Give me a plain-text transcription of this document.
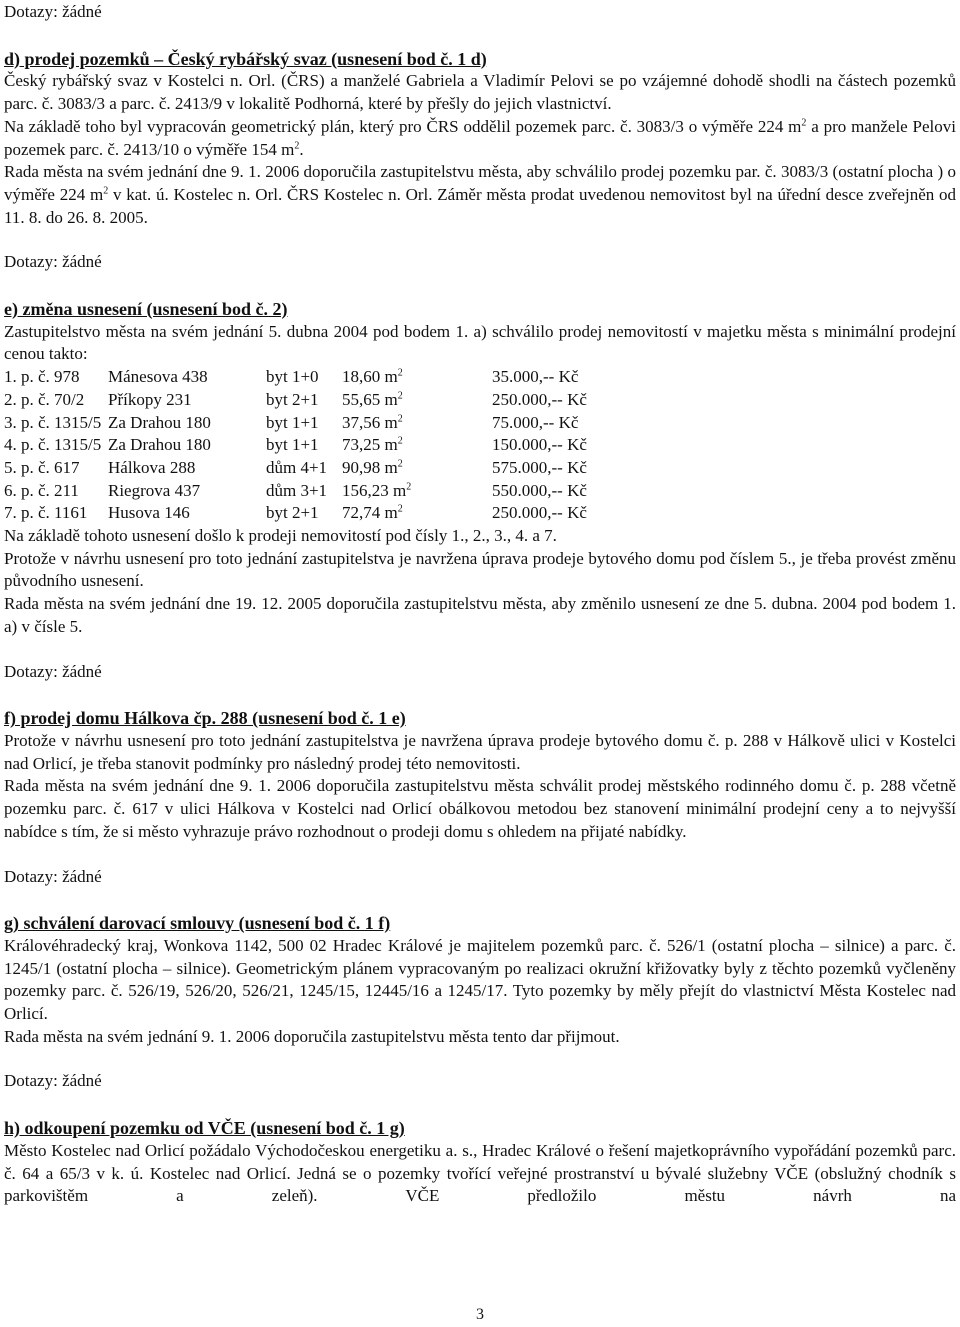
Dotazy: žádné

d) prodej pozemků – Český rybářský svaz (usnesení bod č. 1 d)

Český rybářský svaz v Kostelci n. Orl. (ČRS) a manželé Gabriela a Vladimír Pelovi se po vzájemné dohodě shodli na částech pozemků parc. č. 3083/3 a parc. č. 2413/9 v lokalitě Podhorná, které by přešly do jejich vlastnictví.

Na základě toho byl vypracován geometrický plán, který pro ČRS oddělil pozemek parc. č. 3083/3 o výměře 224 $m^2$ a pro manžele Pelovi pozemek parc. č. 2413/10 o výměře 154 $m^2$.

Rada města na svém jednání dne 9. 1. 2006 doporučila zastupitelstvu města, aby schválilo prodej pozemku par. č. 3083/3 (ostatní plocha ) o výměře 224 $m^2$ v kat. ú. Kostelec n. Orl. ČRS Kostelec n. Orl. Záměr města prodat uvedenou nemovitost byl na úřední desce zveřejněn od 11. 8. do 26. 8. 2005.

Dotazy: žádné

e) změna usnesení (usnesení bod č. 2)

Zastupitelstvo města na svém jednání 5. dubna 2004 pod bodem 1. a) schválilo prodej nemovitostí v majetku města s minimální prodejní cenou takto:

1. p. č. 978	Mánesova 438	byt 1+0	18,60 $m^2$	35.000,-- Kč
2. p. č. 70/2	Příkopy 231	byt 2+1	55,65 $m^2$	250.000,-- Kč
3. p. č. 1315/5	Za Drahou 180	byt 1+1	37,56 $m^2$	75.000,-- Kč
4. p. č. 1315/5	Za Drahou 180	byt 1+1	73,25 $m^2$	150.000,-- Kč
5. p. č. 617	Hálkova 288	dům 4+1	90,98 $m^2$	575.000,-- Kč
6. p. č. 211	Riegrova 437	dům 3+1	156,23 $m^2$	550.000,-- Kč
7. p. č. 1161	Husova 146	byt 2+1	72,74 $m^2$	250.000,-- Kč

Na základě tohoto usnesení došlo k prodeji nemovitostí pod čísly 1., 2., 3., 4. a 7.

Protože v návrhu usnesení pro toto jednání zastupitelstva je navržena úprava prodeje bytového domu pod číslem 5., je třeba provést změnu původního usnesení.

Rada města na svém jednání dne 19. 12. 2005 doporučila zastupitelstvu města, aby změnilo usnesení ze dne 5. dubna. 2004 pod bodem 1. a) v čísle 5.

Dotazy: žádné

f) prodej domu Hálkova čp. 288 (usnesení bod č. 1 e)

Protože v návrhu usnesení pro toto jednání zastupitelstva je navržena úprava prodeje bytového domu č. p. 288 v Hálkově ulici v Kostelci nad Orlicí, je třeba stanovit podmínky pro následný prodej této nemovitosti.

Rada města na svém jednání dne 9. 1. 2006 doporučila zastupitelstvu města schválit prodej městského rodinného domu č. p. 288 včetně pozemku parc. č. 617 v ulici Hálkova v Kostelci nad Orlicí obálkovou metodou bez stanovení minimální prodejní ceny a to nejvyšší nabídce s tím, že si město vyhrazuje právo rozhodnout o prodeji domu s ohledem na přijaté nabídky.

Dotazy: žádné

g) schválení darovací smlouvy (usnesení bod č. 1 f)

Královéhradecký kraj, Wonkova 1142, 500 02 Hradec Králové je majitelem pozemků parc. č. 526/1 (ostatní plocha – silnice) a parc. č. 1245/1 (ostatní plocha – silnice). Geometrickým plánem vypracovaným po realizaci okružní křižovatky byly z těchto pozemků vyčleněny pozemky parc. č. 526/19, 526/20, 526/21, 1245/15, 12445/16 a 1245/17. Tyto pozemky by měly přejít do vlastnictví Města Kostelec nad Orlicí.

Rada města na svém jednání 9. 1. 2006 doporučila zastupitelstvu města tento dar přijmout.

Dotazy: žádné

h) odkoupení pozemku od VČE (usnesení bod č. 1 g)

Město Kostelec nad Orlicí požádalo Východočeskou energetiku a. s., Hradec Králové o řešení majetkoprávního vypořádání pozemků parc. č. 64 a 65/3 v k. ú. Kostelec nad Orlicí. Jedná se o pozemky tvořící veřejné prostranství u bývalé služebny VČE (obslužný chodník s parkovištěm a zeleň). VČE předložilo městu návrh na

3
